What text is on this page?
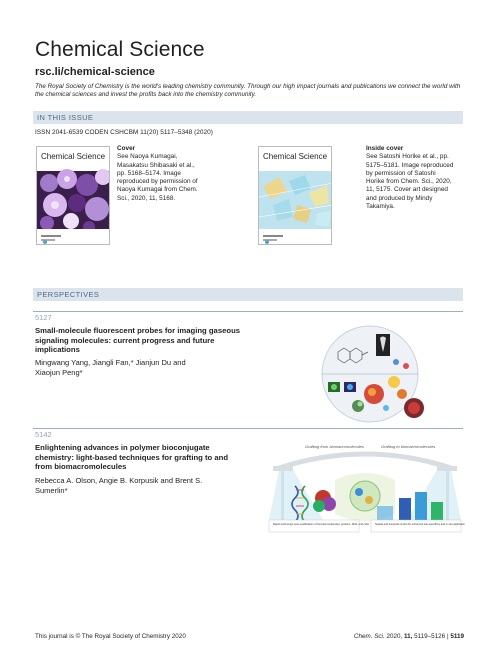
Chemical Science
rsc.li/chemical-science
The Royal Society of Chemistry is the world's leading chemistry community. Through our high impact journals and publications we connect the world with the chemical sciences and invest the profits back into the chemistry community.
IN THIS ISSUE
ISSN 2041-6539 CODEN CSHCBM 11(20) 5117–5348 (2020)
Chemical Science
Cover
See Naoya Kumagai, Masakatsu Shibasaki et al., pp. 5168–5174. Image reproduced by permission of Naoya Kumagai from Chem. Sci., 2020, 11, 5168.
Chemical Science
Inside cover
See Satoshi Horike et al., pp. 5175–5181. Image reproduced by permission of Satoshi Horike from Chem. Sci., 2020, 11, 5175. Cover art designed and produced by Mindy Takamiya.
PERSPECTIVES
5127
Small-molecule fluorescent probes for imaging gaseous signaling molecules: current progress and future implications
Mingwang Yang, Jiangli Fan,* Jianjun Du and Xiaojun Peng*
5142
Enlightening advances in polymer bioconjugate chemistry: light-based techniques for grafting to and from biomacromolecules
Rebecca A. Olson, Angie B. Korpusik and Brent S. Sumerlin*
Grafting from biomacromolecules	Grafting to biomacromolecules
Rapid and benign post-modification of biomacromolecules: proteins, DNA, and cells Spatial and temporal control for enhanced site-specificity and in situ applications
This journal is © The Royal Society of Chemistry 2020	Chem. Sci. 2020, 11, 5119–5126 | 5119
